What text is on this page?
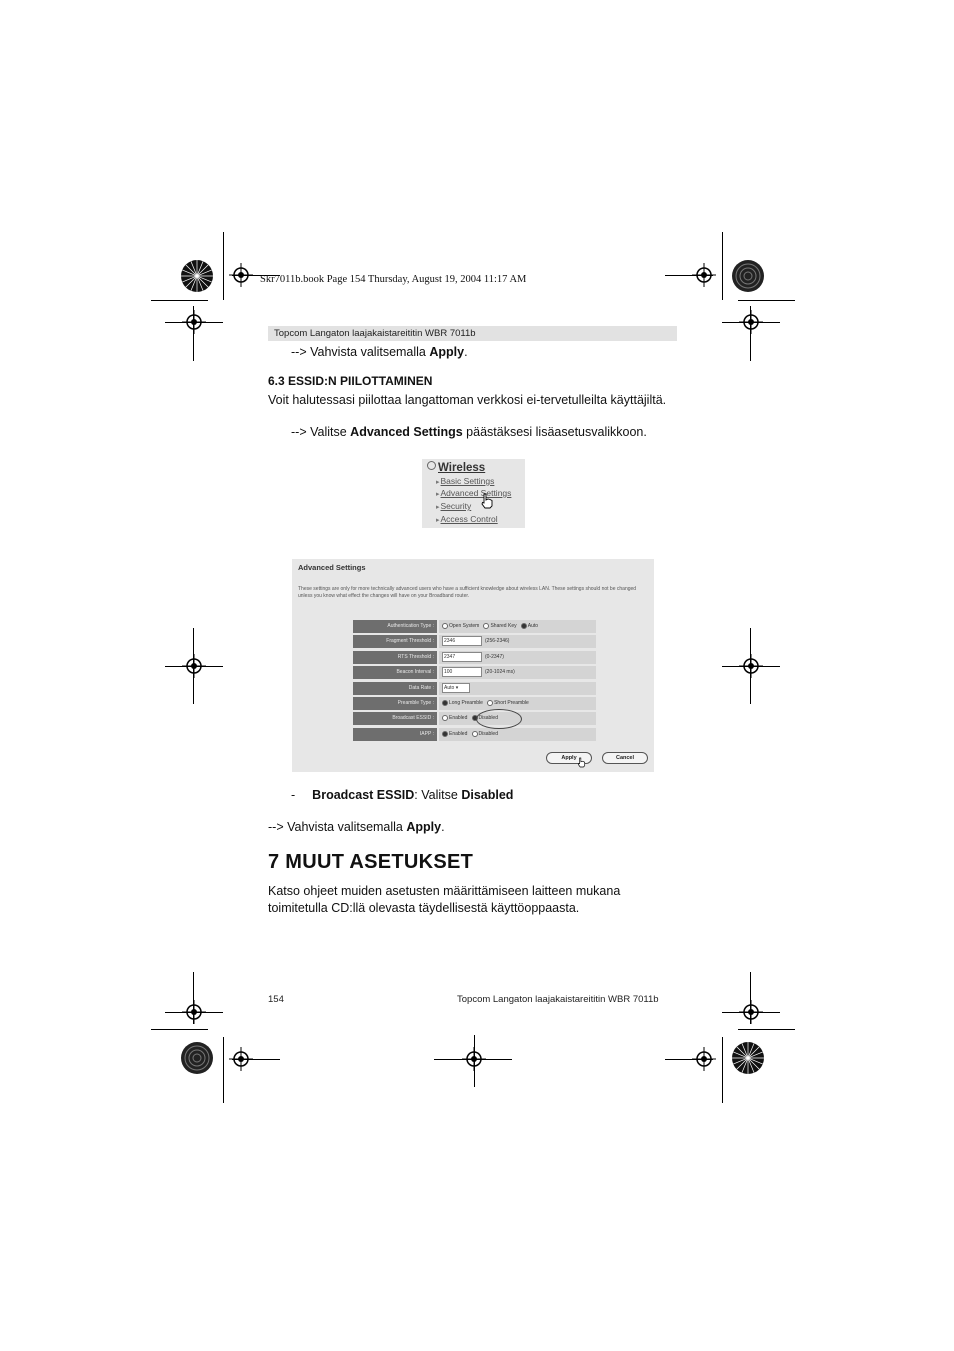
Skr7011b.book Page 154 Thursday, August 19, 2004 11:17 AM
Topcom Langaton laajakaistareititin WBR 7011b
--> Vahvista valitsemalla Apply.
6.3 ESSID:N PIILOTTAMINEN
Voit halutessasi piilottaa langattoman verkkosi ei-tervetulleilta käyttäjiltä.
--> Valitse Advanced Settings päästäksesi lisäasetusvalikkoon.
Wireless
▸ Basic Settings
▸ Advanced Settings
▸ Security
▸ Access Control
Advanced Settings
These settings are only for more technically advanced users who have a sufficient knowledge about wireless LAN. These settings should not be changed unless you know what effect the changes will have on your Broadband router.
Authentication Type :	Open System Shared Key Auto
Fragment Threshold :	2346	(256-2346)
RTS Threshold :	2347	(0-2347)
Beacon Interval :	100	(20-1024 ms)
Data Rate :	Auto ▾
Preamble Type :	Long Preamble Short Preamble
Broadcast ESSID :	Enabled Disabled
IAPP :	Enabled Disabled
Apply	Cancel
- Broadcast ESSID: Valitse Disabled
--> Vahvista valitsemalla Apply.
7 MUUT ASETUKSET
Katso ohjeet muiden asetusten määrittämiseen laitteen mukana
toimitetulla CD:llä olevasta täydellisestä käyttöoppaasta.
154	Topcom Langaton laajakaistareititin WBR 7011b
